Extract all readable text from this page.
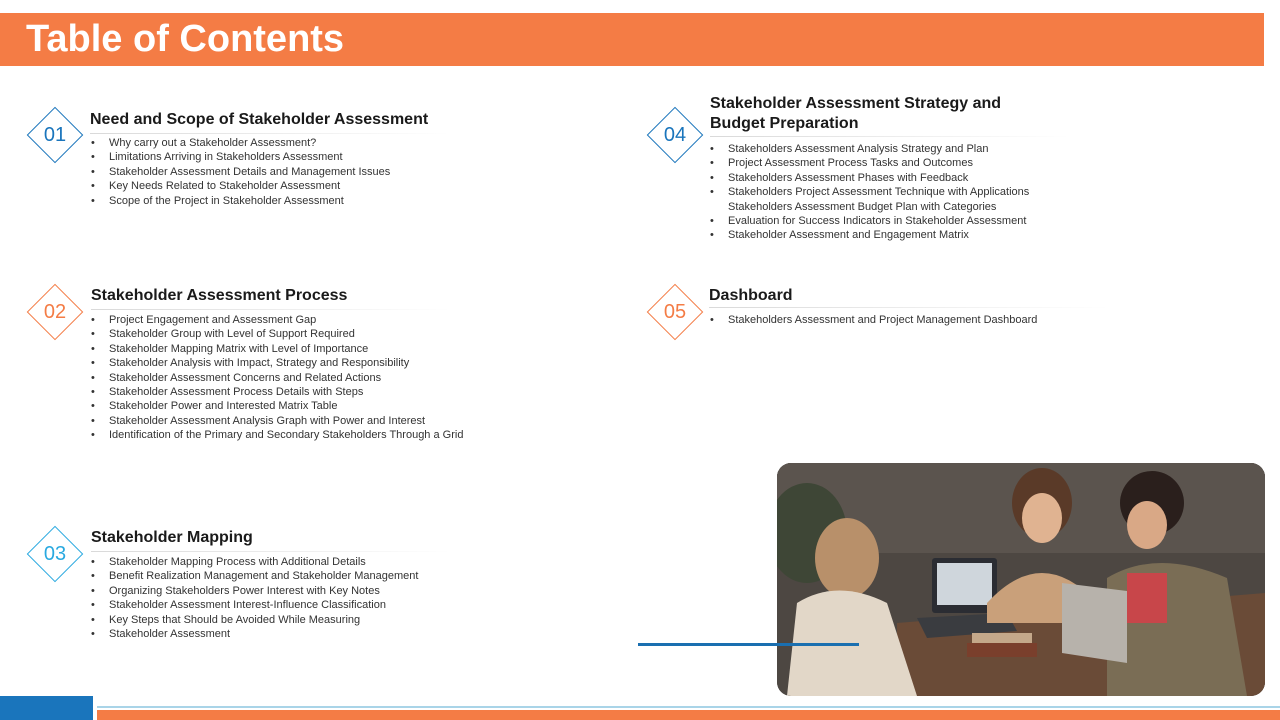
Table of Contents
01
Need and Scope of Stakeholder Assessment
•	Why carry out a Stakeholder Assessment?
•	Limitations Arriving in Stakeholders Assessment
•	Stakeholder Assessment Details and Management Issues
•	Key Needs Related to Stakeholder Assessment
•	Scope of the Project in Stakeholder Assessment
02
Stakeholder Assessment Process
•	Project Engagement and Assessment Gap
•	Stakeholder Group with Level of Support Required
•	Stakeholder Mapping Matrix with Level of Importance
•	Stakeholder Analysis with Impact, Strategy and Responsibility
•	Stakeholder Assessment Concerns and Related Actions
•	Stakeholder Assessment Process Details with Steps
•	Stakeholder Power and Interested Matrix Table
•	Stakeholder Assessment Analysis Graph with Power and Interest
•	Identification of the Primary and Secondary Stakeholders Through a Grid
03
Stakeholder Mapping
•	Stakeholder Mapping Process with Additional Details
•	Benefit Realization Management and Stakeholder Management
•	Organizing Stakeholders Power Interest with Key Notes
•	Stakeholder Assessment Interest-Influence Classification
•	Key Steps that Should be Avoided While Measuring
•	Stakeholder Assessment
04
Stakeholder Assessment Strategy and
Budget Preparation
•	Stakeholders Assessment Analysis Strategy and Plan
•	Project Assessment Process Tasks and Outcomes
•	Stakeholders Assessment Phases with Feedback
•	Stakeholders Project Assessment Technique with Applications
Stakeholders Assessment Budget Plan with Categories
•	Evaluation for Success Indicators in Stakeholder Assessment
•	Stakeholder Assessment and Engagement Matrix
05
Dashboard
•	Stakeholders Assessment and Project Management Dashboard
